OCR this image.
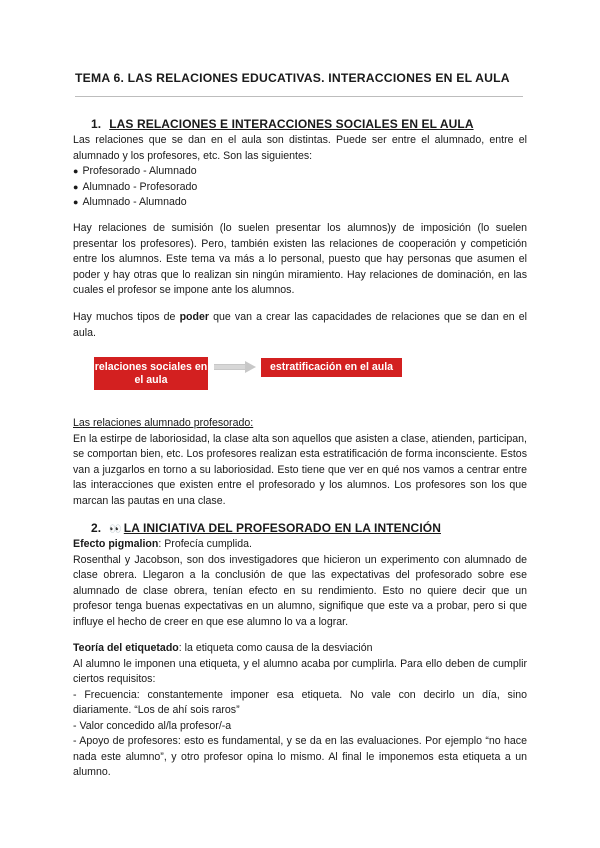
TEMA 6. LAS RELACIONES EDUCATIVAS. INTERACCIONES EN EL AULA
1. LAS RELACIONES E INTERACCIONES SOCIALES EN EL AULA

Las relaciones que se dan en el aula son distintas. Puede ser entre el alumnado, entre el alumnado y los profesores, etc. Son las siguientes:

● Profesorado - Alumnado
● Alumnado - Profesorado
● Alumnado - Alumnado

Hay relaciones de sumisión (lo suelen presentar los alumnos)y de imposición (lo suelen presentar los profesores). Pero, también existen las relaciones de cooperación y competición entre los alumnos. Este tema va más a lo personal, puesto que hay personas que asumen el poder y hay otras que lo realizan sin ningún miramiento. Hay relaciones de dominación, en las cuales el profesor se impone ante los alumnos.

Hay muchos tipos de poder que van a crear las capacidades de relaciones que se dan en el aula.

relaciones sociales en el aula
estratificación en el aula

Las relaciones alumnado profesorado:

En la estirpe de laboriosidad, la clase alta son aquellos que asisten a clase, atienden, participan, se comportan bien, etc. Los profesores realizan esta estratificación de forma inconsciente. Estos van a juzgarlos en torno a su laboriosidad. Esto tiene que ver en qué nos vamos a centrar entre las interacciones que existen entre el profesorado y los alumnos. Los profesores son los que marcan las pautas en una clase.

2. 👀 LA INICIATIVA DEL PROFESORADO EN LA INTENCIÓN

Efecto pigmalion: Profecía cumplida.

Rosenthal y Jacobson, son dos investigadores que hicieron un experimento con alumnado de clase obrera. Llegaron a la conclusión de que las expectativas del profesorado sobre ese alumnado de clase obrera, tenían efecto en su rendimiento. Esto no quiere decir que un profesor tenga buenas expectativas en un alumno, signifique que este va a probar, pero si que influye el hecho de creer en que ese alumno lo va a lograr.

Teoría del etiquetado: la etiqueta como causa de la desviación

Al alumno le imponen una etiqueta, y el alumno acaba por cumplirla. Para ello deben de cumplir ciertos requisitos:

- Frecuencia: constantemente imponer esa etiqueta. No vale con decirlo un día, sino diariamente. “Los de ahí sois raros”

- Valor concedido al/la profesor/-a

- Apoyo de profesores: esto es fundamental, y se da en las evaluaciones. Por ejemplo “no hace nada este alumno”, y otro profesor opina lo mismo. Al final le imponemos esta etiqueta a un alumno.
